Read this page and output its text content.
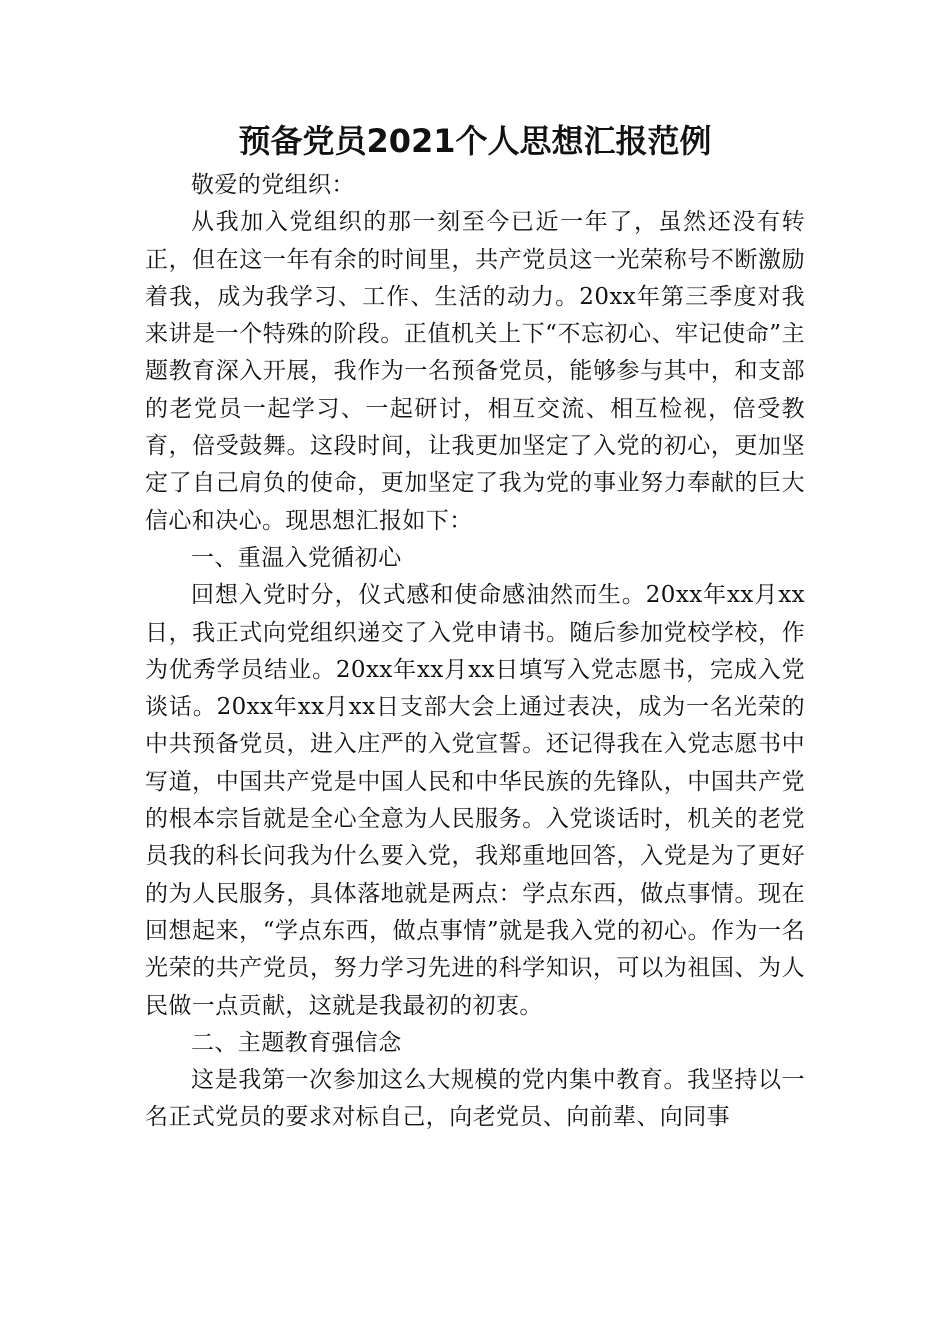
预备党员2021个人思想汇报范例

敬爱的党组织：

从我加入党组织的那一刻至今已近一年了，虽然还没有转正，但在这一年有余的时间里，共产党员这一光荣称号不断激励着我，成为我学习、工作、生活的动力。20xx年第三季度对我来讲是一个特殊的阶段。正值机关上下“不忘初心、牢记使命”主题教育深入开展，我作为一名预备党员，能够参与其中，和支部的老党员一起学习、一起研讨，相互交流、相互检视，倍受教育，倍受鼓舞。这段时间，让我更加坚定了入党的初心，更加坚定了自己肩负的使命，更加坚定了我为党的事业努力奉献的巨大信心和决心。现思想汇报如下：

一、重温入党循初心

回想入党时分，仪式感和使命感油然而生。20xx年xx月xx日，我正式向党组织递交了入党申请书。随后参加党校学校，作为优秀学员结业。20xx年xx月xx日填写入党志愿书，完成入党谈话。20xx年xx月xx日支部大会上通过表决，成为一名光荣的中共预备党员，进入庄严的入党宣誓。还记得我在入党志愿书中写道，中国共产党是中国人民和中华民族的先锋队，中国共产党的根本宗旨就是全心全意为人民服务。入党谈话时，机关的老党员我的科长问我为什么要入党，我郑重地回答，入党是为了更好的为人民服务，具体落地就是两点：学点东西，做点事情。现在回想起来，“学点东西，做点事情”就是我入党的初心。作为一名光荣的共产党员，努力学习先进的科学知识，可以为祖国、为人民做一点贡献，这就是我最初的初衷。

二、主题教育强信念

这是我第一次参加这么大规模的党内集中教育。我坚持以一名正式党员的要求对标自己，向老党员、向前辈、向同事
